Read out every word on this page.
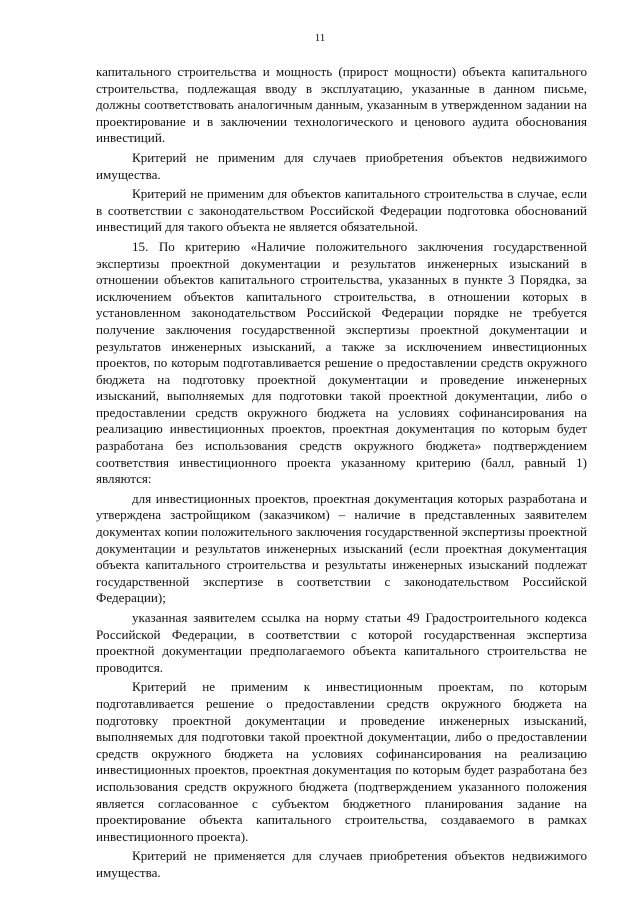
11

капитального строительства и мощность (прирост мощности) объекта капитального строительства, подлежащая вводу в эксплуатацию, указанные в данном письме, должны соответствовать аналогичным данным, указанным в утвержденном задании на проектирование и в заключении технологического и ценового аудита обоснования инвестиций.

Критерий не применим для случаев приобретения объектов недвижимого имущества.

Критерий не применим для объектов капитального строительства в случае, если в соответствии с законодательством Российской Федерации подготовка обоснований инвестиций для такого объекта не является обязательной.

15. По критерию «Наличие положительного заключения государственной экспертизы проектной документации и результатов инженерных изысканий в отношении объектов капитального строительства, указанных в пункте 3 Порядка, за исключением объектов капитального строительства, в отношении которых в установленном законодательством Российской Федерации порядке не требуется получение заключения государственной экспертизы проектной документации и результатов инженерных изысканий, а также за исключением инвестиционных проектов, по которым подготавливается решение о предоставлении средств окружного бюджета на подготовку проектной документации и проведение инженерных изысканий, выполняемых для подготовки такой проектной документации, либо о предоставлении средств окружного бюджета на условиях софинансирования на реализацию инвестиционных проектов, проектная документация по которым будет разработана без использования средств окружного бюджета» подтверждением соответствия инвестиционного проекта указанному критерию (балл, равный 1) являются:

для инвестиционных проектов, проектная документация которых разработана и утверждена застройщиком (заказчиком) – наличие в представленных заявителем документах копии положительного заключения государственной экспертизы проектной документации и результатов инженерных изысканий (если проектная документация объекта капитального строительства и результаты инженерных изысканий подлежат государственной экспертизе в соответствии с законодательством Российской Федерации);

указанная заявителем ссылка на норму статьи 49 Градостроительного кодекса Российской Федерации, в соответствии с которой государственная экспертиза проектной документации предполагаемого объекта капитального строительства не проводится.

Критерий не применим к инвестиционным проектам, по которым подготавливается решение о предоставлении средств окружного бюджета на подготовку проектной документации и проведение инженерных изысканий, выполняемых для подготовки такой проектной документации, либо о предоставлении средств окружного бюджета на условиях софинансирования на реализацию инвестиционных проектов, проектная документация по которым будет разработана без использования средств окружного бюджета (подтверждением указанного положения является согласованное с субъектом бюджетного планирования задание на проектирование объекта капитального строительства, создаваемого в рамках инвестиционного проекта).

Критерий не применяется для случаев приобретения объектов недвижимого имущества.
